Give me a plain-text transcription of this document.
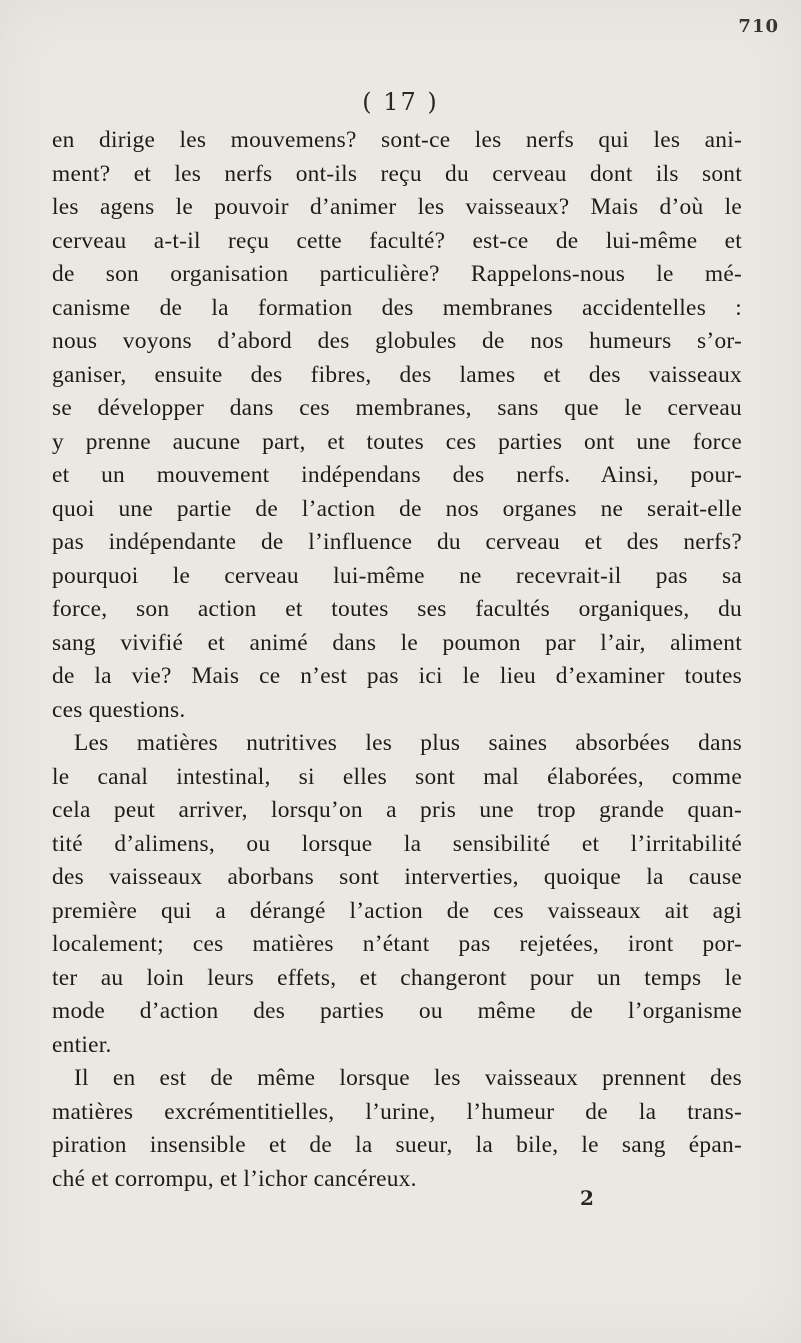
710
( 17 )
en dirige les mouvemens? sont-ce les nerfs qui les ani-
ment? et les nerfs ont-ils reçu du cerveau dont ils sont
les agens le pouvoir d’animer les vaisseaux? Mais d’où le
cerveau a-t-il reçu cette faculté? est-ce de lui-même et
de son organisation particulière? Rappelons-nous le mé-
canisme de la formation des membranes accidentelles :
nous voyons d’abord des globules de nos humeurs s’or-
ganiser, ensuite des fibres, des lames et des vaisseaux
se développer dans ces membranes, sans que le cerveau
y prenne aucune part, et toutes ces parties ont une force
et un mouvement indépendans des nerfs. Ainsi, pour-
quoi une partie de l’action de nos organes ne serait-elle
pas indépendante de l’influence du cerveau et des nerfs?
pourquoi le cerveau lui-même ne recevrait-il pas sa
force, son action et toutes ses facultés organiques, du
sang vivifié et animé dans le poumon par l’air, aliment
de la vie? Mais ce n’est pas ici le lieu d’examiner toutes
ces questions.
Les matières nutritives les plus saines absorbées dans
le canal intestinal, si elles sont mal élaborées, comme
cela peut arriver, lorsqu’on a pris une trop grande quan-
tité d’alimens, ou lorsque la sensibilité et l’irritabilité
des vaisseaux aborbans sont interverties, quoique la cause
première qui a dérangé l’action de ces vaisseaux ait agi
localement; ces matières n’étant pas rejetées, iront por-
ter au loin leurs effets, et changeront pour un temps le
mode d’action des parties ou même de l’organisme
entier.
Il en est de même lorsque les vaisseaux prennent des
matières excrémentitielles, l’urine, l’humeur de la trans-
piration insensible et de la sueur, la bile, le sang épan-
ché et corrompu, et l’ichor cancéreux.
2
